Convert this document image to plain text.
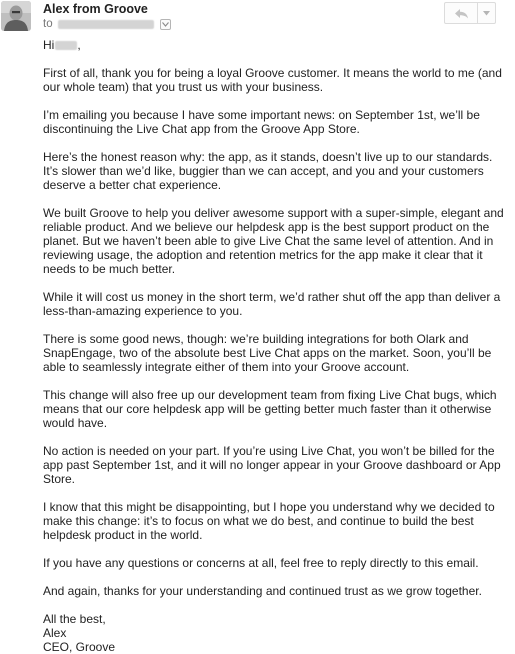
Alex from Groove
to

Hi ,

First of all, thank you for being a loyal Groove customer. It means the world to me (and our whole team) that you trust us with your business.

I’m emailing you because I have some important news: on September 1st, we’ll be discontinuing the Live Chat app from the Groove App Store.

Here’s the honest reason why: the app, as it stands, doesn’t live up to our standards. It’s slower than we’d like, buggier than we can accept, and you and your customers deserve a better chat experience.

We built Groove to help you deliver awesome support with a super-simple, elegant and reliable product. And we believe our helpdesk app is the best support product on the planet. But we haven’t been able to give Live Chat the same level of attention. And in reviewing usage, the adoption and retention metrics for the app make it clear that it needs to be much better.

While it will cost us money in the short term, we’d rather shut off the app than deliver a less-than-amazing experience to you.

There is some good news, though: we’re building integrations for both Olark and SnapEngage, two of the absolute best Live Chat apps on the market. Soon, you’ll be able to seamlessly integrate either of them into your Groove account.

This change will also free up our development team from fixing Live Chat bugs, which means that our core helpdesk app will be getting better much faster than it otherwise would have.

No action is needed on your part. If you’re using Live Chat, you won’t be billed for the app past September 1st, and it will no longer appear in your Groove dashboard or App Store.

I know that this might be disappointing, but I hope you understand why we decided to make this change: it’s to focus on what we do best, and continue to build the best helpdesk product in the world.

If you have any questions or concerns at all, feel free to reply directly to this email.

And again, thanks for your understanding and continued trust as we grow together.

All the best,

Alex

CEO, Groove
